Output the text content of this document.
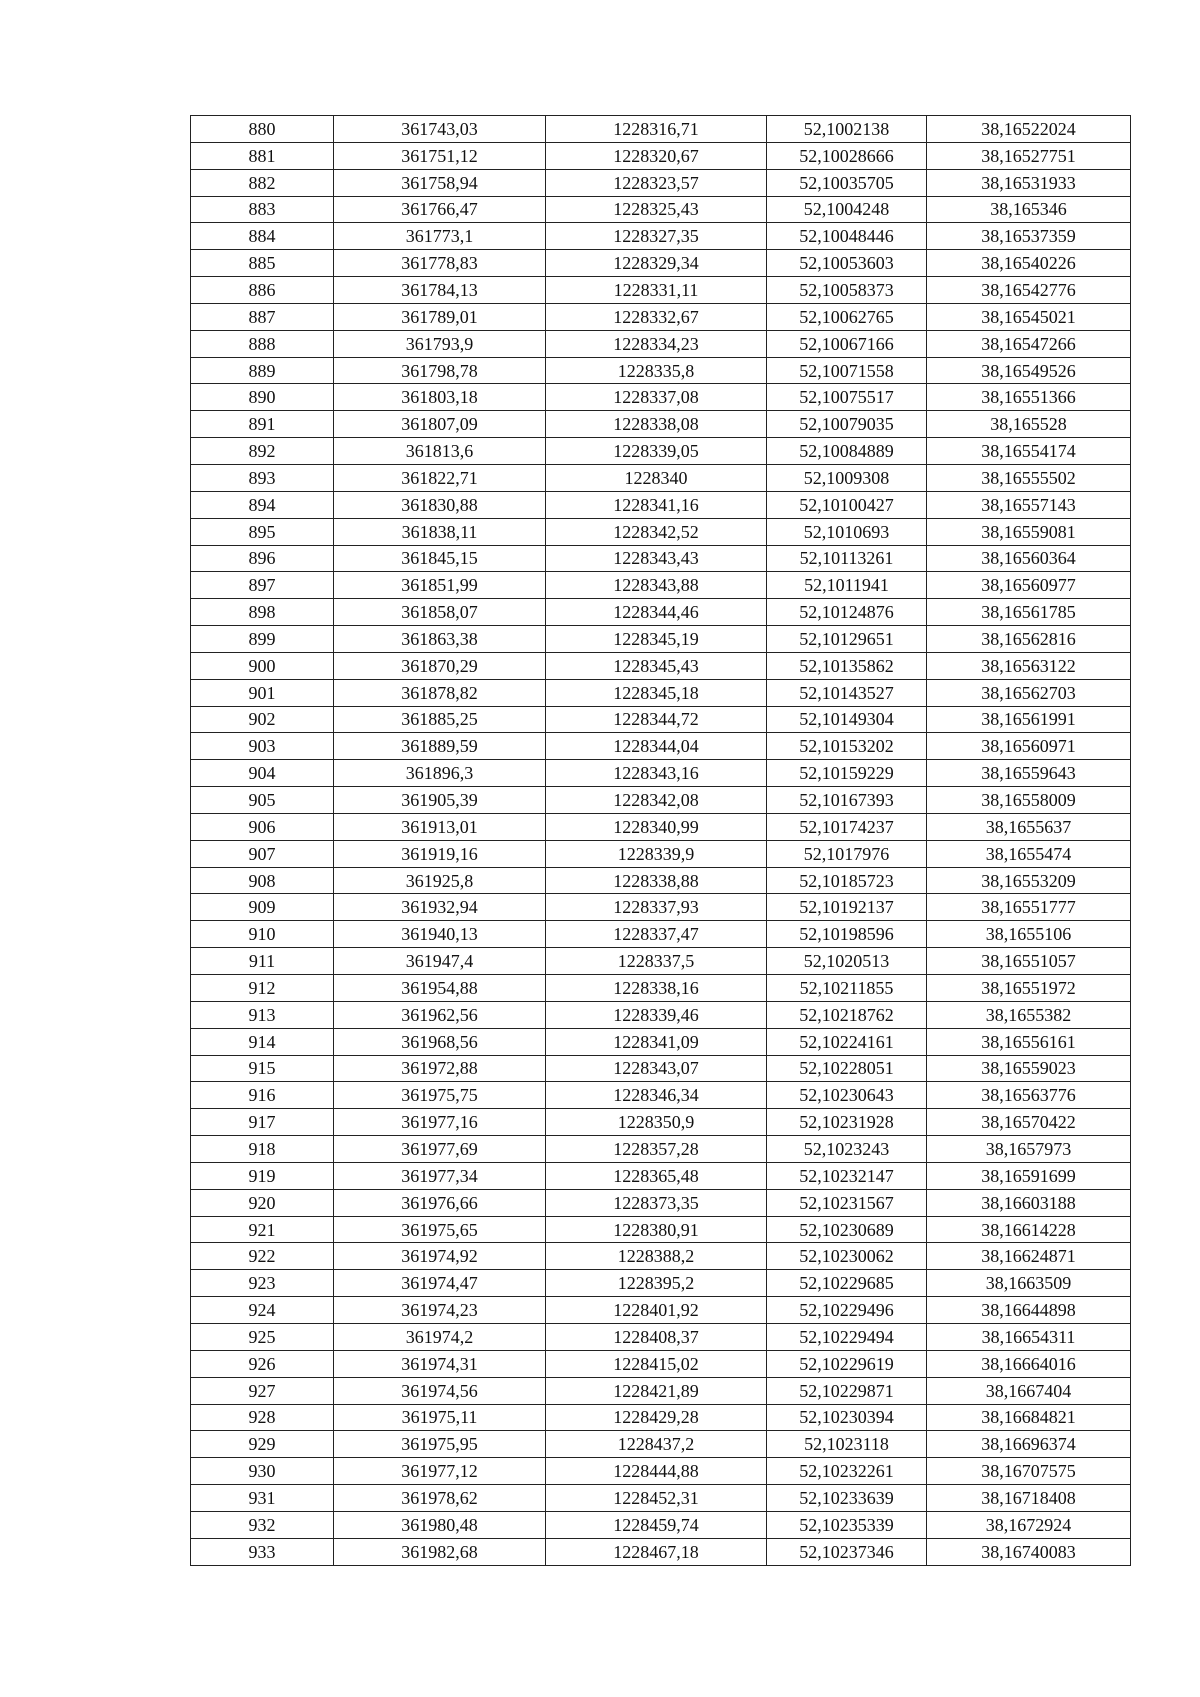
880	361743,03	1228316,71	52,1002138	38,16522024
881	361751,12	1228320,67	52,10028666	38,16527751
882	361758,94	1228323,57	52,10035705	38,16531933
883	361766,47	1228325,43	52,1004248	38,165346
884	361773,1	1228327,35	52,10048446	38,16537359
885	361778,83	1228329,34	52,10053603	38,16540226
886	361784,13	1228331,11	52,10058373	38,16542776
887	361789,01	1228332,67	52,10062765	38,16545021
888	361793,9	1228334,23	52,10067166	38,16547266
889	361798,78	1228335,8	52,10071558	38,16549526
890	361803,18	1228337,08	52,10075517	38,16551366
891	361807,09	1228338,08	52,10079035	38,165528
892	361813,6	1228339,05	52,10084889	38,16554174
893	361822,71	1228340	52,1009308	38,16555502
894	361830,88	1228341,16	52,10100427	38,16557143
895	361838,11	1228342,52	52,1010693	38,16559081
896	361845,15	1228343,43	52,10113261	38,16560364
897	361851,99	1228343,88	52,1011941	38,16560977
898	361858,07	1228344,46	52,10124876	38,16561785
899	361863,38	1228345,19	52,10129651	38,16562816
900	361870,29	1228345,43	52,10135862	38,16563122
901	361878,82	1228345,18	52,10143527	38,16562703
902	361885,25	1228344,72	52,10149304	38,16561991
903	361889,59	1228344,04	52,10153202	38,16560971
904	361896,3	1228343,16	52,10159229	38,16559643
905	361905,39	1228342,08	52,10167393	38,16558009
906	361913,01	1228340,99	52,10174237	38,1655637
907	361919,16	1228339,9	52,1017976	38,1655474
908	361925,8	1228338,88	52,10185723	38,16553209
909	361932,94	1228337,93	52,10192137	38,16551777
910	361940,13	1228337,47	52,10198596	38,1655106
911	361947,4	1228337,5	52,1020513	38,16551057
912	361954,88	1228338,16	52,10211855	38,16551972
913	361962,56	1228339,46	52,10218762	38,1655382
914	361968,56	1228341,09	52,10224161	38,16556161
915	361972,88	1228343,07	52,10228051	38,16559023
916	361975,75	1228346,34	52,10230643	38,16563776
917	361977,16	1228350,9	52,10231928	38,16570422
918	361977,69	1228357,28	52,1023243	38,1657973
919	361977,34	1228365,48	52,10232147	38,16591699
920	361976,66	1228373,35	52,10231567	38,16603188
921	361975,65	1228380,91	52,10230689	38,16614228
922	361974,92	1228388,2	52,10230062	38,16624871
923	361974,47	1228395,2	52,10229685	38,1663509
924	361974,23	1228401,92	52,10229496	38,16644898
925	361974,2	1228408,37	52,10229494	38,16654311
926	361974,31	1228415,02	52,10229619	38,16664016
927	361974,56	1228421,89	52,10229871	38,1667404
928	361975,11	1228429,28	52,10230394	38,16684821
929	361975,95	1228437,2	52,1023118	38,16696374
930	361977,12	1228444,88	52,10232261	38,16707575
931	361978,62	1228452,31	52,10233639	38,16718408
932	361980,48	1228459,74	52,10235339	38,1672924
933	361982,68	1228467,18	52,10237346	38,16740083
